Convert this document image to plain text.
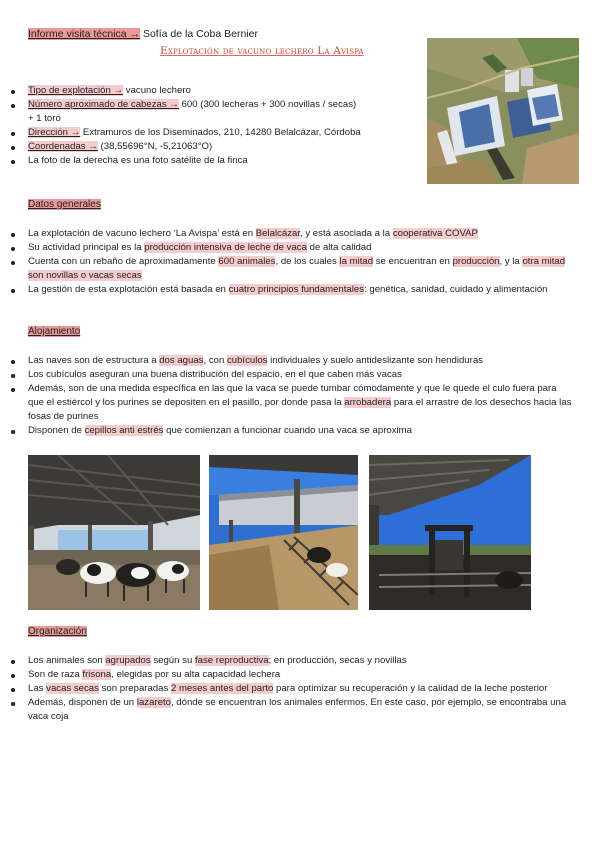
Informe visita técnica → Sofía de la Coba Bernier
Explotación de vacuno lechero La Avispa
Tipo de explotación → vacuno lechero
Número aproximado de cabezas → 600 (300 lecheras + 300 novillas / secas)
+ 1 toro
Dirección → Extramuros de los Diseminados, 210, 14280 Belalcázar, Córdoba
Coordenadas → (38,55696°N, -5,21063°O)
La foto de la derecha es una foto satélite de la finca
Datos generales
La explotación de vacuno lechero ‘La Avispa’ está en Belalcázar, y está asociada a la cooperativa COVAP
Su actividad principal es la producción intensiva de leche de vaca de alta calidad
Cuenta con un rebaño de aproximadamente 600 animales, de los cuales la mitad se encuentran en producción, y la otra mitad son novillas o vacas secas
La gestión de esta explotación está basada en cuatro principios fundamentales: genética, sanidad, cuidado y alimentación
Alojamiento
Las naves son de estructura a dos aguas, con cubículos individuales y suelo antideslizante son hendiduras
Los cubículos aseguran una buena distribución del espacio, en el que caben más vacas
Además, son de una medida específica en las que la vaca se puede tumbar cómodamente y que le quede el culo fuera para que el estiércol y los purines se depositen en el pasillo, por donde pasa la arrobadera para el arrastre de los desechos hacia las fosas de purines
Disponen de cepillos anti estrés que comienzan a funcionar cuando una vaca se aproxima
Organización
Los animales son agrupados según su fase reproductiva; en producción, secas y novillas
Son de raza frisona, elegidas por su alta capacidad lechera
Las vacas secas son preparadas 2 meses antes del parto para optimizar su recuperación y la calidad de la leche posterior
Además, disponen de un lazareto, dónde se encuentran los animales enfermos. En este caso, por ejemplo, se encontraba una vaca coja
